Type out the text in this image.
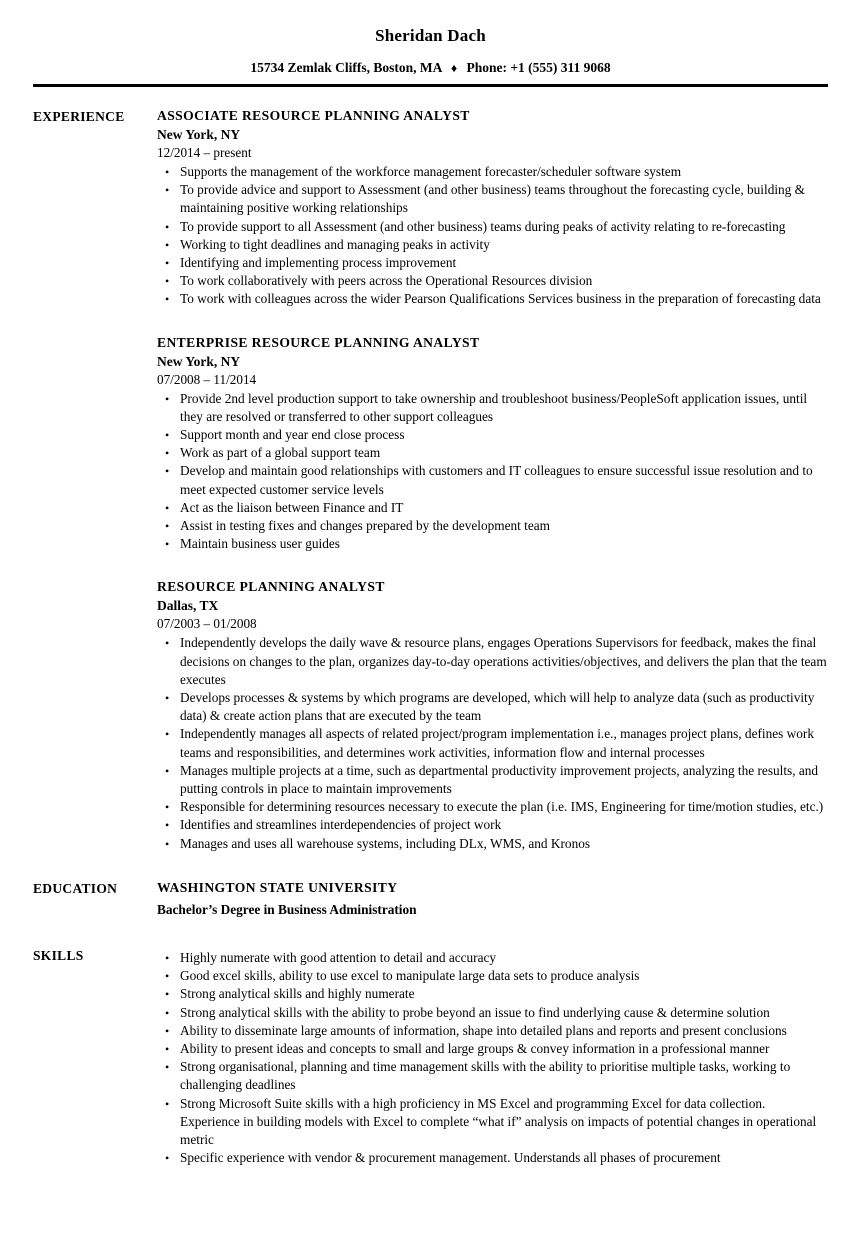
Sheridan Dach

15734 Zemlak Cliffs, Boston, MA ♦ Phone: +1 (555) 311 9068

EXPERIENCE	ASSOCIATE RESOURCE PLANNING ANALYST
New York, NY
12/2014 – present
• Supports the management of the workforce management forecaster/scheduler software system
• To provide advice and support to Assessment (and other business) teams throughout the forecasting cycle, building & maintaining positive working relationships
• To provide support to all Assessment (and other business) teams during peaks of activity relating to re-forecasting
• Working to tight deadlines and managing peaks in activity
• Identifying and implementing process improvement
• To work collaboratively with peers across the Operational Resources division
• To work with colleagues across the wider Pearson Qualifications Services business in the preparation of forecasting data
ENTERPRISE RESOURCE PLANNING ANALYST
New York, NY
07/2008 – 11/2014
• Provide 2nd level production support to take ownership and troubleshoot business/PeopleSoft application issues, until they are resolved or transferred to other support colleagues
• Support month and year end close process
• Work as part of a global support team
• Develop and maintain good relationships with customers and IT colleagues to ensure successful issue resolution and to meet expected customer service levels
• Act as the liaison between Finance and IT
• Assist in testing fixes and changes prepared by the development team
• Maintain business user guides
RESOURCE PLANNING ANALYST
Dallas, TX
07/2003 – 01/2008
• Independently develops the daily wave & resource plans, engages Operations Supervisors for feedback, makes the final decisions on changes to the plan, organizes day-to-day operations activities/objectives, and delivers the plan that the team executes
• Develops processes & systems by which programs are developed, which will help to analyze data (such as productivity data) & create action plans that are executed by the team
• Independently manages all aspects of related project/program implementation i.e., manages project plans, defines work teams and responsibilities, and determines work activities, information flow and internal processes
• Manages multiple projects at a time, such as departmental productivity improvement projects, analyzing the results, and putting controls in place to maintain improvements
• Responsible for determining resources necessary to execute the plan (i.e. IMS, Engineering for time/motion studies, etc.)
• Identifies and streamlines interdependencies of project work
• Manages and uses all warehouse systems, including DLx, WMS, and Kronos
EDUCATION	WASHINGTON STATE UNIVERSITY
Bachelor’s Degree in Business Administration
SKILLS	• Highly numerate with good attention to detail and accuracy
• Good excel skills, ability to use excel to manipulate large data sets to produce analysis
• Strong analytical skills and highly numerate
• Strong analytical skills with the ability to probe beyond an issue to find underlying cause & determine solution
• Ability to disseminate large amounts of information, shape into detailed plans and reports and present conclusions
• Ability to present ideas and concepts to small and large groups & convey information in a professional manner
• Strong organisational, planning and time management skills with the ability to prioritise multiple tasks, working to challenging deadlines
• Strong Microsoft Suite skills with a high proficiency in MS Excel and programming Excel for data collection. Experience in building models with Excel to complete “what if” analysis on impacts of potential changes in operational metric
• Specific experience with vendor & procurement management. Understands all phases of procurement
